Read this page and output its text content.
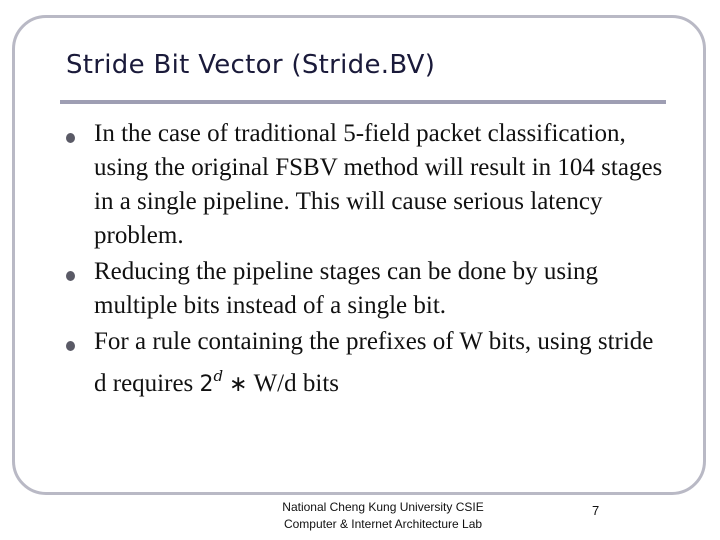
Stride Bit Vector (Stride.BV)
In the case of traditional 5-field packet classification, using the original FSBV method will result in 104 stages in a single pipeline. This will cause serious latency problem.
Reducing the pipeline stages can be done by using multiple bits instead of a single bit.
For a rule containing the prefixes of W bits, using stride d requires 2$^d$ ∗ W/d bits
National Cheng Kung University CSIE
Computer & Internet Architecture Lab
7
